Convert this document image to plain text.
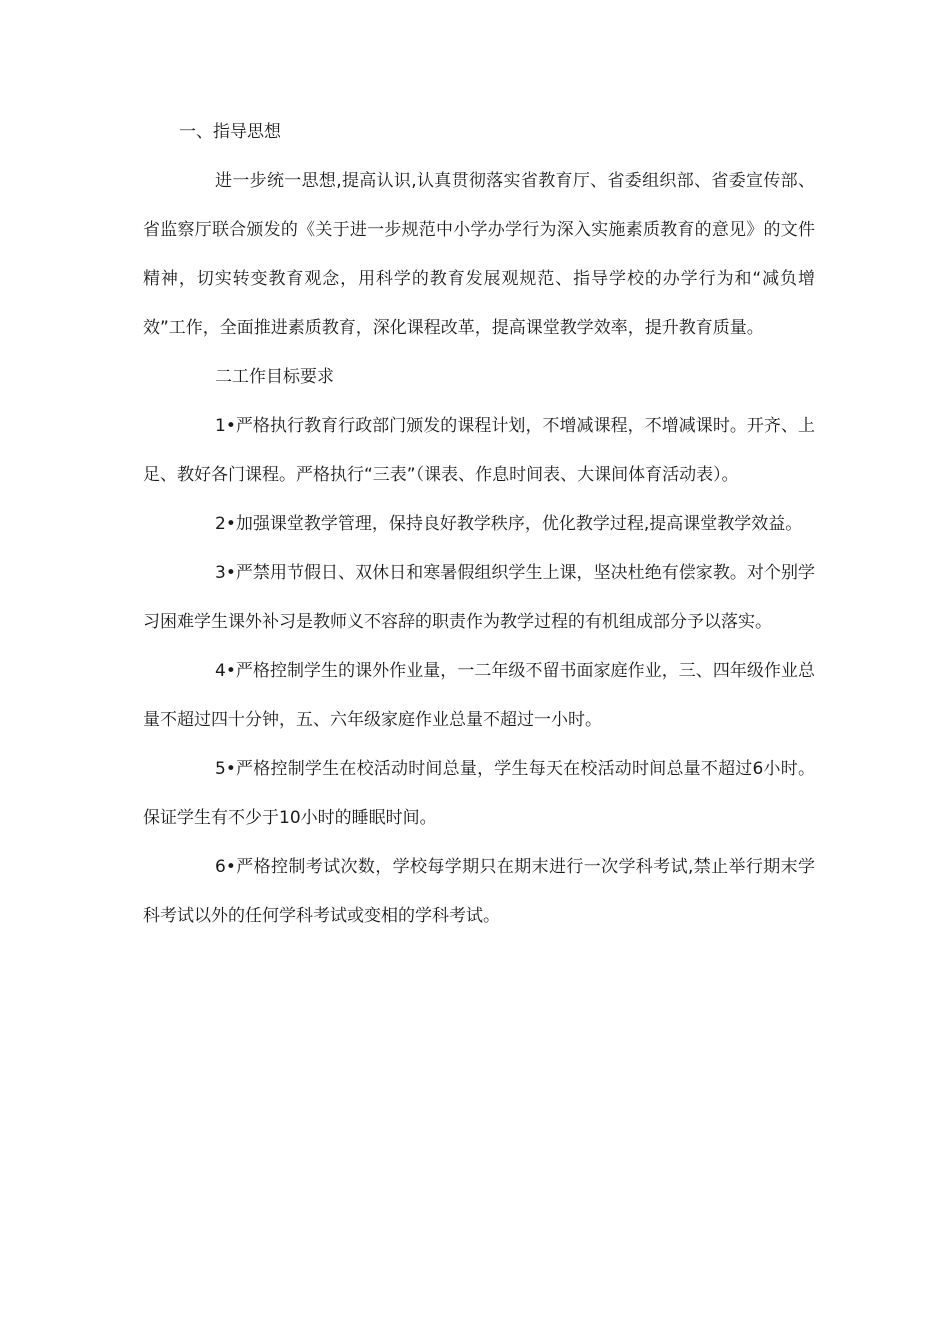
一、指导思想

进一步统一思想,提高认识,认真贯彻落实省教育厅、省委组织部、省委宣传部、省监察厅联合颁发的《关于进一步规范中小学办学行为深入实施素质教育的意见》的文件精神，切实转变教育观念，用科学的教育发展观规范、指导学校的办学行为和“减负增效”工作，全面推进素质教育，深化课程改革，提高课堂教学效率，提升教育质量。

二工作目标要求

1•严格执行教育行政部门颁发的课程计划，不增减课程，不增减课时。开齐、上足、教好各门课程。严格执行“三表”（课表、作息时间表、大课间体育活动表）。

2•加强课堂教学管理，保持良好教学秩序，优化教学过程,提高课堂教学效益。

3•严禁用节假日、双休日和寒暑假组织学生上课，坚决杜绝有偿家教。对个别学习困难学生课外补习是教师义不容辞的职责作为教学过程的有机组成部分予以落实。

4•严格控制学生的课外作业量，一二年级不留书面家庭作业，三、四年级作业总量不超过四十分钟，五、六年级家庭作业总量不超过一小时。

5•严格控制学生在校活动时间总量，学生每天在校活动时间总量不超过6小时。保证学生有不少于10小时的睡眠时间。

6•严格控制考试次数，学校每学期只在期末进行一次学科考试,禁止举行期末学科考试以外的任何学科考试或变相的学科考试。
